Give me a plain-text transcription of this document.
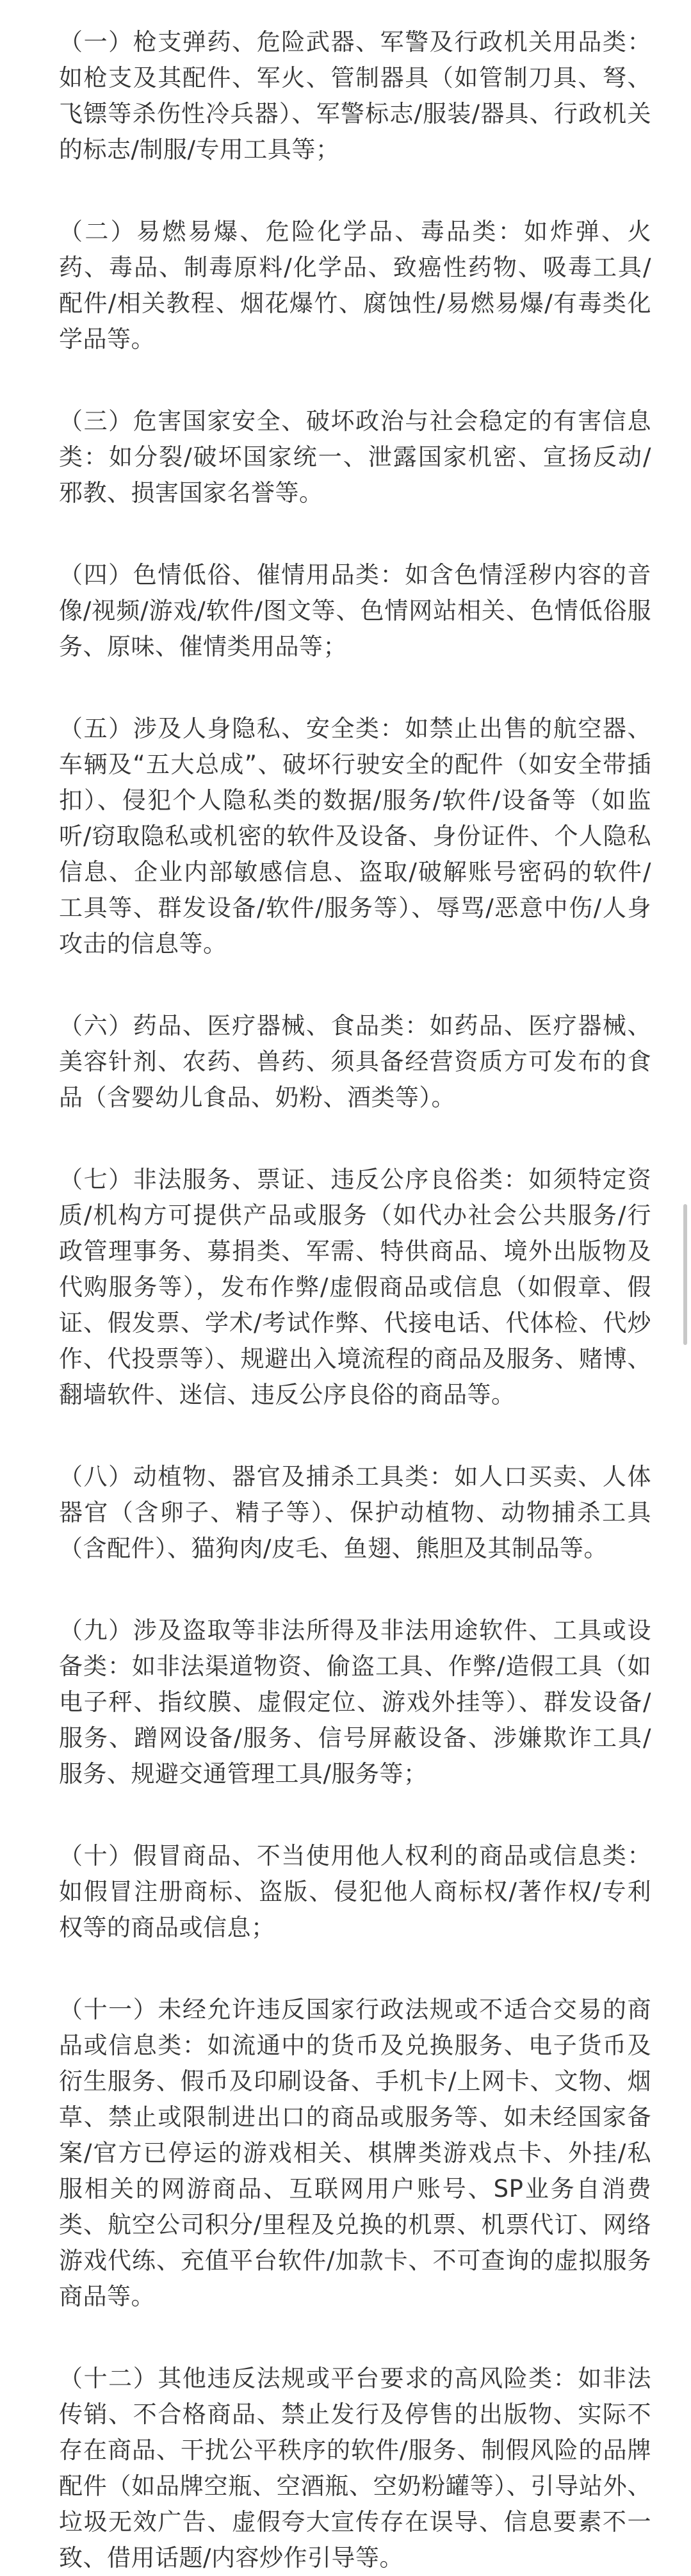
（一）枪支弹药、危险武器、军警及行政机关用品类：如枪支及其配件、军火、管制器具（如管制刀具、弩、飞镖等杀伤性冷兵器）、军警标志/服装/器具、行政机关的标志/制服/专用工具等；

（二）易燃易爆、危险化学品、毒品类：如炸弹、火药、毒品、制毒原料/化学品、致癌性药物、吸毒工具/配件/相关教程、烟花爆竹、腐蚀性/易燃易爆/有毒类化学品等。

（三）危害国家安全、破坏政治与社会稳定的有害信息类：如分裂/破坏国家统一、泄露国家机密、宣扬反动/邪教、损害国家名誉等。

（四）色情低俗、催情用品类：如含色情淫秽内容的音像/视频/游戏/软件/图文等、色情网站相关、色情低俗服务、原味、催情类用品等；

（五）涉及人身隐私、安全类：如禁止出售的航空器、车辆及“五大总成”、破坏行驶安全的配件（如安全带插扣）、侵犯个人隐私类的数据/服务/软件/设备等（如监听/窃取隐私或机密的软件及设备、身份证件、个人隐私信息、企业内部敏感信息、盗取/破解账号密码的软件/工具等、群发设备/软件/服务等）、辱骂/恶意中伤/人身攻击的信息等。

（六）药品、医疗器械、食品类：如药品、医疗器械、美容针剂、农药、兽药、须具备经营资质方可发布的食品（含婴幼儿食品、奶粉、酒类等）。

（七）非法服务、票证、违反公序良俗类：如须特定资质/机构方可提供产品或服务（如代办社会公共服务/行政管理事务、募捐类、军需、特供商品、境外出版物及代购服务等），发布作弊/虚假商品或信息（如假章、假证、假发票、学术/考试作弊、代接电话、代体检、代炒作、代投票等）、规避出入境流程的商品及服务、赌博、翻墙软件、迷信、违反公序良俗的商品等。

（八）动植物、器官及捕杀工具类：如人口买卖、人体器官（含卵子、精子等）、保护动植物、动物捕杀工具（含配件）、猫狗肉/皮毛、鱼翅、熊胆及其制品等。

（九）涉及盗取等非法所得及非法用途软件、工具或设备类：如非法渠道物资、偷盗工具、作弊/造假工具（如电子秤、指纹膜、虚假定位、游戏外挂等）、群发设备/服务、蹭网设备/服务、信号屏蔽设备、涉嫌欺诈工具/服务、规避交通管理工具/服务等；

（十）假冒商品、不当使用他人权利的商品或信息类：如假冒注册商标、盗版、侵犯他人商标权/著作权/专利权等的商品或信息；

（十一）未经允许违反国家行政法规或不适合交易的商品或信息类：如流通中的货币及兑换服务、电子货币及衍生服务、假币及印刷设备、手机卡/上网卡、文物、烟草、禁止或限制进出口的商品或服务等、如未经国家备案/官方已停运的游戏相关、棋牌类游戏点卡、外挂/私服相关的网游商品、互联网用户账号、SP业务自消费类、航空公司积分/里程及兑换的机票、机票代订、网络游戏代练、充值平台软件/加款卡、不可查询的虚拟服务商品等。

（十二）其他违反法规或平台要求的高风险类：如非法传销、不合格商品、禁止发行及停售的出版物、实际不存在商品、干扰公平秩序的软件/服务、制假风险的品牌配件（如品牌空瓶、空酒瓶、空奶粉罐等）、引导站外、垃圾无效广告、虚假夸大宣传存在误导、信息要素不一致、借用话题/内容炒作引导等。
